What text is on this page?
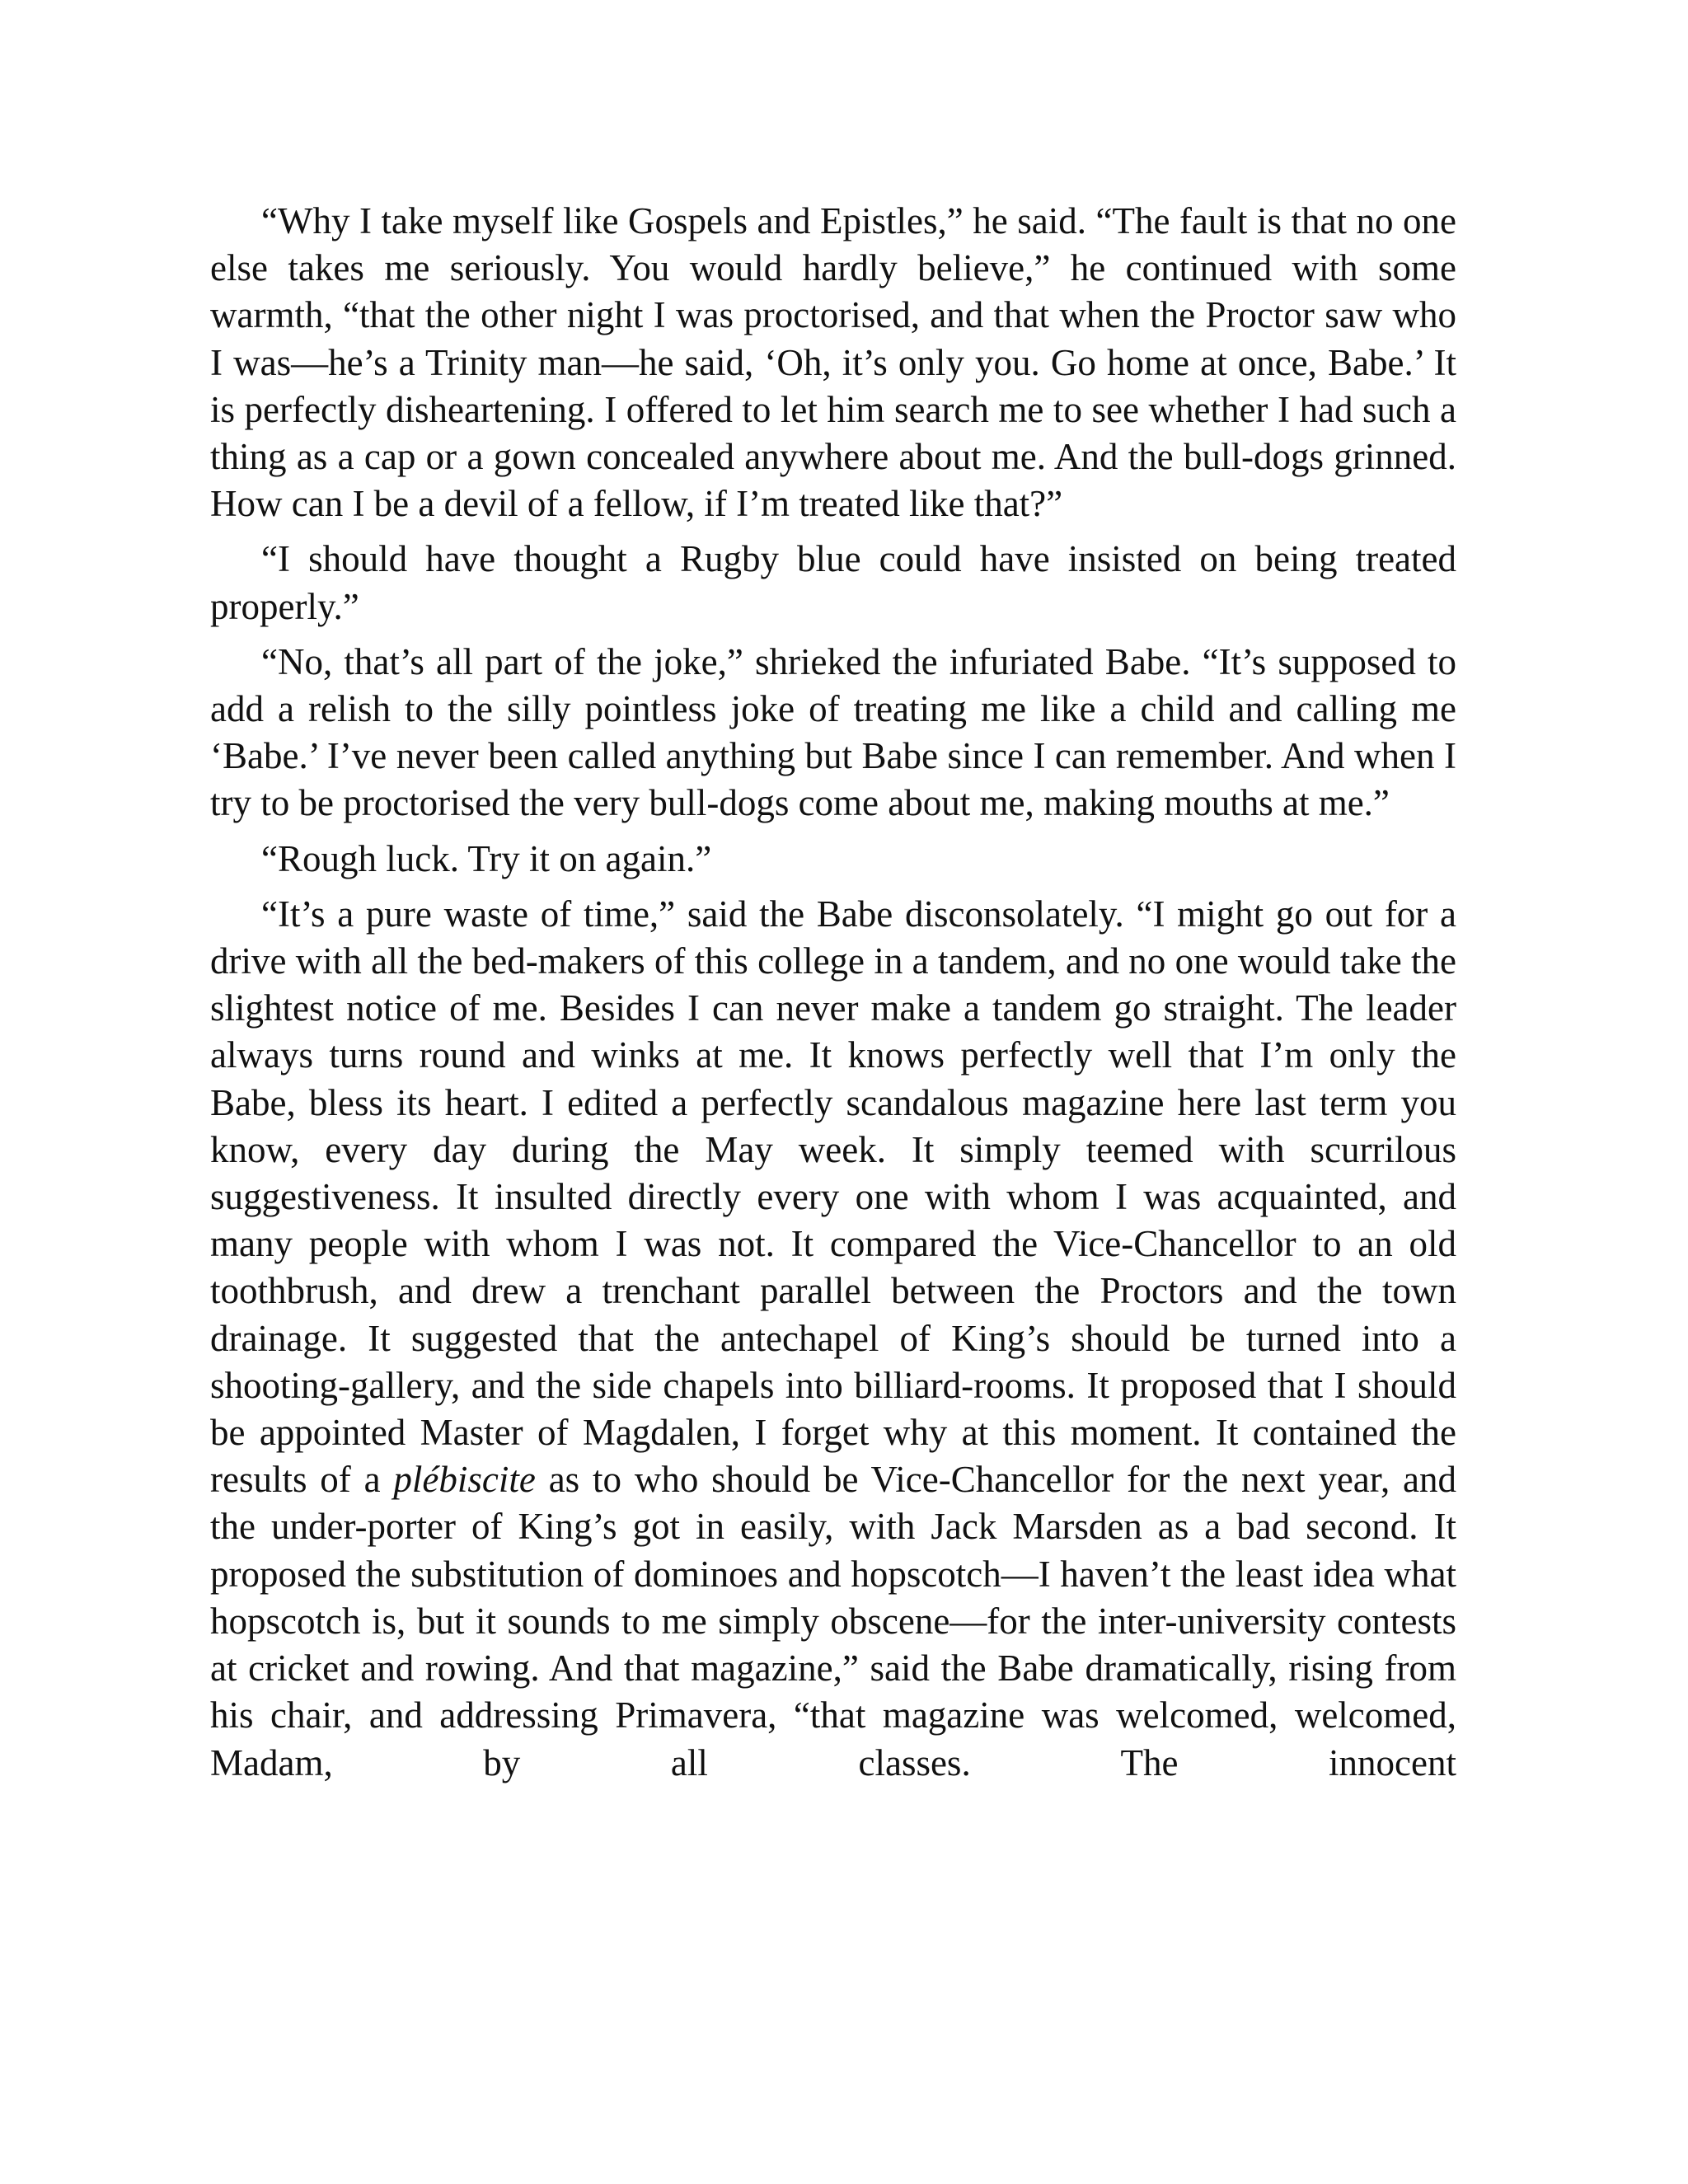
“Why I take myself like Gospels and Epistles,” he said. “The fault is that no one else takes me seriously. You would hardly believe,” he continued with some warmth, “that the other night I was proctorised, and that when the Proctor saw who I was—he’s a Trinity man—he said, ‘Oh, it’s only you. Go home at once, Babe.’ It is perfectly disheartening. I offered to let him search me to see whether I had such a thing as a cap or a gown concealed anywhere about me. And the bull-dogs grinned. How can I be a devil of a fellow, if I’m treated like that?”

“I should have thought a Rugby blue could have insisted on being treated properly.”

“No, that’s all part of the joke,” shrieked the infuriated Babe. “It’s supposed to add a relish to the silly pointless joke of treating me like a child and calling me ‘Babe.’ I’ve never been called anything but Babe since I can remember. And when I try to be proctorised the very bull-dogs come about me, making mouths at me.”

“Rough luck. Try it on again.”

“It’s a pure waste of time,” said the Babe disconsolately. “I might go out for a drive with all the bed-makers of this college in a tandem, and no one would take the slightest notice of me. Besides I can never make a tandem go straight. The leader always turns round and winks at me. It knows perfectly well that I’m only the Babe, bless its heart. I edited a perfectly scandalous magazine here last term you know, every day during the May week. It simply teemed with scurrilous suggestiveness. It insulted directly every one with whom I was acquainted, and many people with whom I was not. It compared the Vice-Chancellor to an old toothbrush, and drew a trenchant parallel between the Proctors and the town drainage. It suggested that the antechapel of King’s should be turned into a shooting-gallery, and the side chapels into billiard-rooms. It proposed that I should be appointed Master of Magdalen, I forget why at this moment. It contained the results of a plébiscite as to who should be Vice-Chancellor for the next year, and the under-porter of King’s got in easily, with Jack Marsden as a bad second. It proposed the substitution of dominoes and hopscotch—I haven’t the least idea what hopscotch is, but it sounds to me simply obscene—for the inter-university contests at cricket and rowing. And that magazine,” said the Babe dramatically, rising from his chair, and addressing Primavera, “that magazine was welcomed, welcomed, Madam, by all classes. The innocent
